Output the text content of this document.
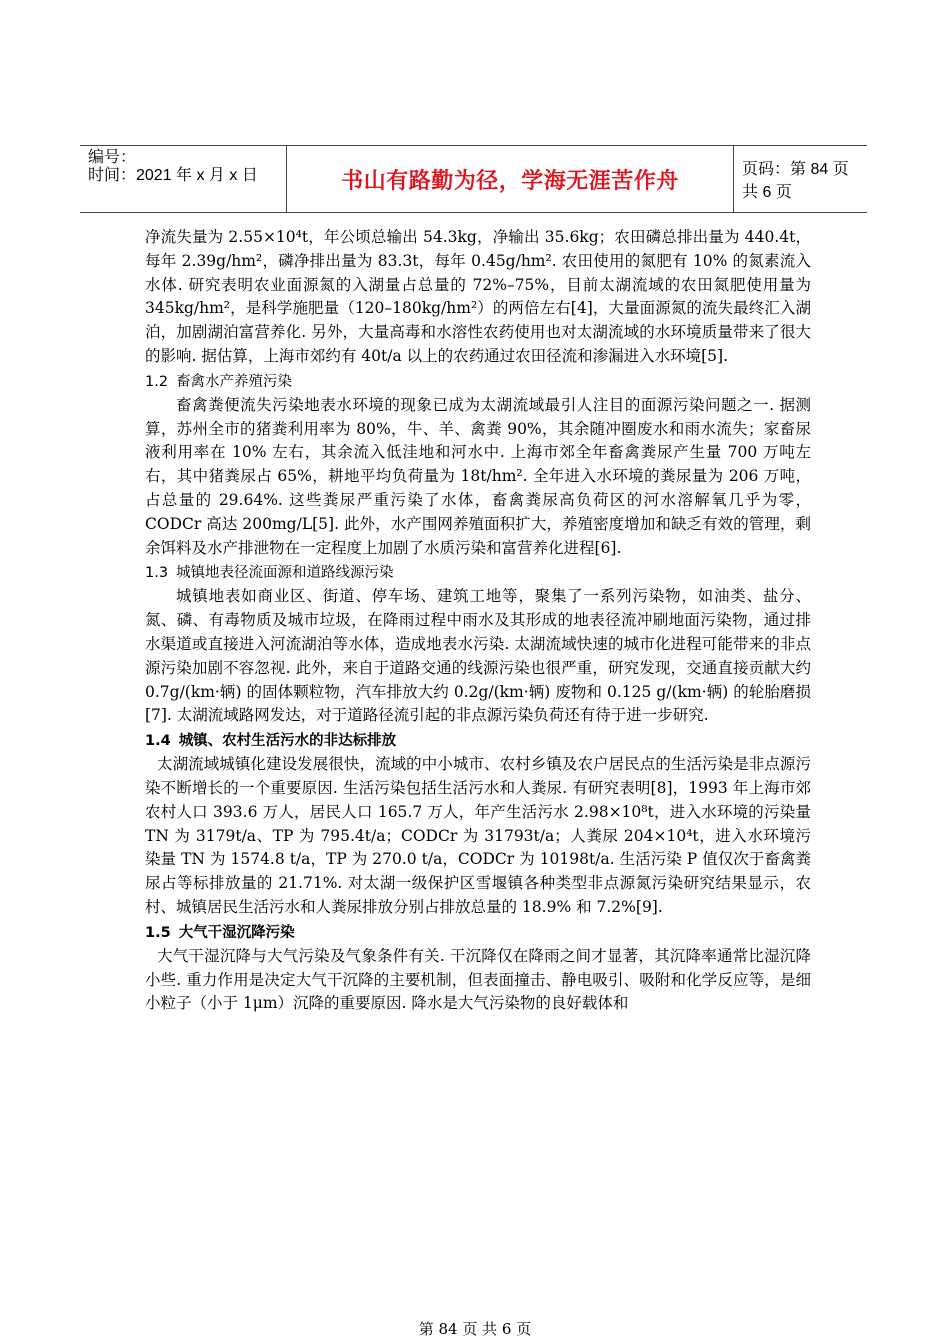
编号：
时间：2021 年 x 月 x 日	书山有路勤为径，学海无涯苦作舟	页码：第 84 页 共 6 页

净流失量为 2.55×10⁴t，年公顷总输出 54.3kg，净输出 35.6kg；农田磷总排出量为 440.4t，每年 2.39g/hm²，磷净排出量为 83.3t，每年 0.45g/hm². 农田使用的氮肥有 10% 的氮素流入水体. 研究表明农业面源氮的入湖量占总量的 72%–75%，目前太湖流域的农田氮肥使用量为 345kg/hm²，是科学施肥量（120–180kg/hm²）的两倍左右[4]，大量面源氮的流失最终汇入湖泊，加剧湖泊富营养化. 另外，大量高毒和水溶性农药使用也对太湖流域的水环境质量带来了很大的影响. 据估算，上海市郊约有 40t/a 以上的农药通过农田径流和渗漏进入水环境[5].

1.2 畜禽水产养殖污染

畜禽粪便流失污染地表水环境的现象已成为太湖流域最引人注目的面源污染问题之一. 据测算，苏州全市的猪粪利用率为 80%，牛、羊、禽粪 90%，其余随冲圈废水和雨水流失；家畜尿液利用率在 10% 左右，其余流入低洼地和河水中. 上海市郊全年畜禽粪尿产生量 700 万吨左右，其中猪粪尿占 65%，耕地平均负荷量为 18t/hm². 全年进入水环境的粪尿量为 206 万吨，占总量的 29.64%. 这些粪尿严重污染了水体，畜禽粪尿高负荷区的河水溶解氧几乎为零，CODCr 高达 200mg/L[5]. 此外，水产围网养殖面积扩大，养殖密度增加和缺乏有效的管理，剩余饵料及水产排泄物在一定程度上加剧了水质污染和富营养化进程[6].

1.3 城镇地表径流面源和道路线源污染

城镇地表如商业区、街道、停车场、建筑工地等，聚集了一系列污染物，如油类、盐分、氮、磷、有毒物质及城市垃圾，在降雨过程中雨水及其形成的地表径流冲刷地面污染物，通过排水渠道或直接进入河流湖泊等水体，造成地表水污染. 太湖流域快速的城市化进程可能带来的非点源污染加剧不容忽视. 此外，来自于道路交通的线源污染也很严重，研究发现，交通直接贡献大约 0.7g/(km·辆) 的固体颗粒物，汽车排放大约 0.2g/(km·辆) 废物和 0.125 g/(km·辆) 的轮胎磨损[7]. 太湖流域路网发达，对于道路径流引起的非点源污染负荷还有待于进一步研究.

1.4 城镇、农村生活污水的非达标排放

太湖流域城镇化建设发展很快，流域的中小城市、农村乡镇及农户居民点的生活污染是非点源污染不断增长的一个重要原因. 生活污染包括生活污水和人粪尿. 有研究表明[8]，1993 年上海市郊农村人口 393.6 万人，居民人口 165.7 万人，年产生活污水 2.98×10⁸t，进入水环境的污染量 TN 为 3179t/a、TP 为 795.4t/a；CODCr 为 31793t/a；人粪尿 204×10⁴t，进入水环境污染量 TN 为 1574.8 t/a，TP 为 270.0 t/a，CODCr 为 10198t/a. 生活污染 P 值仅次于畜禽粪尿占等标排放量的 21.71%. 对太湖一级保护区雪堰镇各种类型非点源氮污染研究结果显示，农村、城镇居民生活污水和人粪尿排放分别占排放总量的 18.9% 和 7.2%[9].

1.5 大气干湿沉降污染

大气干湿沉降与大气污染及气象条件有关. 干沉降仅在降雨之间才显著，其沉降率通常比湿沉降小些. 重力作用是决定大气干沉降的主要机制，但表面撞击、静电吸引、吸附和化学反应等，是细小粒子（小于 1μm）沉降的重要原因. 降水是大气污染物的良好载体和

第 84 页 共 6 页
